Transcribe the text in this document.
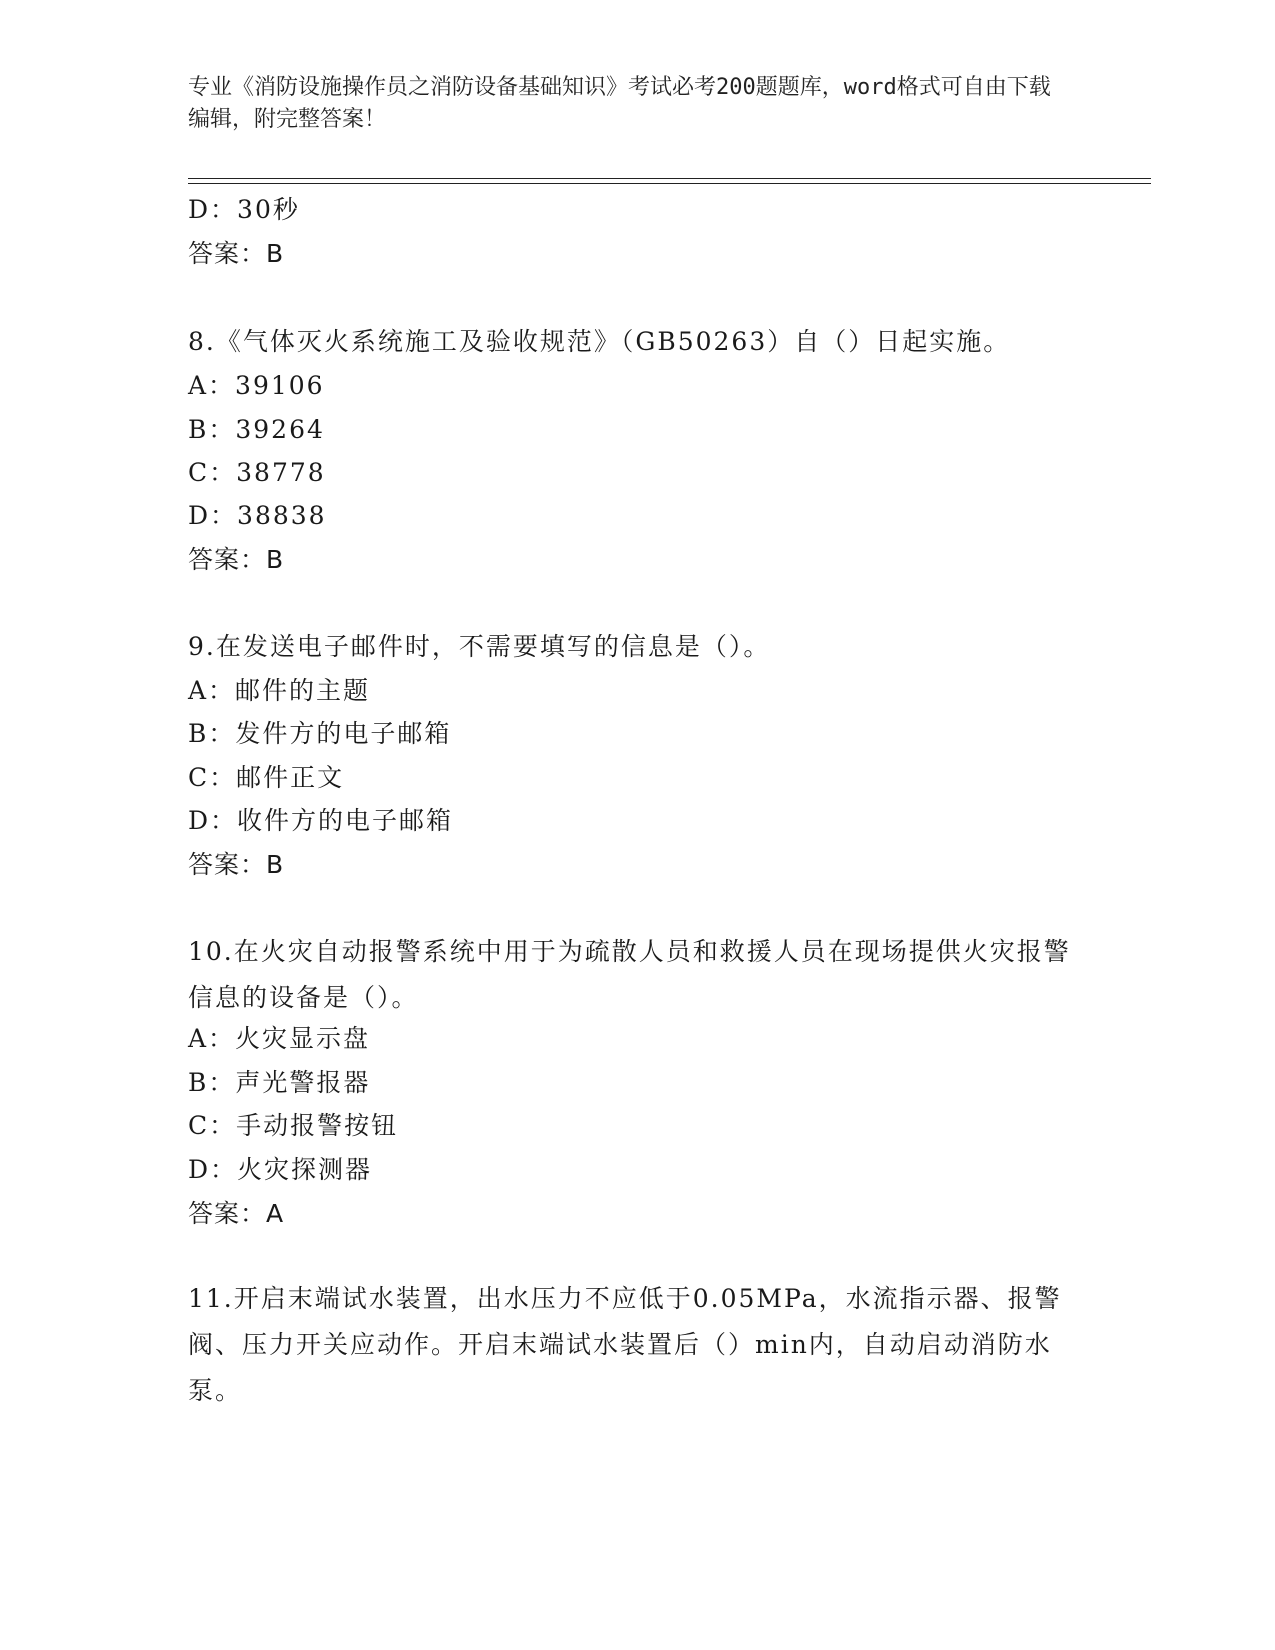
专业《消防设施操作员之消防设备基础知识》考试必考200题题库，word格式可自由下载编辑，附完整答案！
D：30秒
答案：B
8.《气体灭火系统施工及验收规范》（GB50263）自（）日起实施。
A：39106
B：39264
C：38778
D：38838
答案：B
9.在发送电子邮件时，不需要填写的信息是（）。
A：邮件的主题
B：发件方的电子邮箱
C：邮件正文
D：收件方的电子邮箱
答案：B
10.在火灾自动报警系统中用于为疏散人员和救援人员在现场提供火灾报警信息的设备是（）。
A：火灾显示盘
B：声光警报器
C：手动报警按钮
D：火灾探测器
答案：A
11.开启末端试水装置，出水压力不应低于0.05MPa，水流指示器、报警阀、压力开关应动作。开启末端试水装置后（）min内，自动启动消防水泵。
